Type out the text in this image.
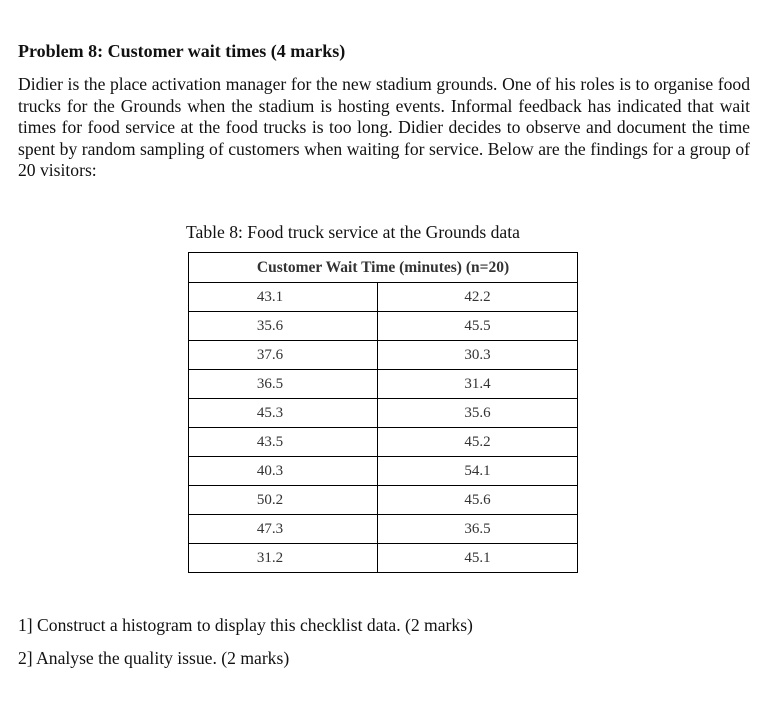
Problem 8: Customer wait times (4 marks)

Didier is the place activation manager for the new stadium grounds. One of his roles is to organise food trucks for the Grounds when the stadium is hosting events. Informal feedback has indicated that wait times for food service at the food trucks is too long. Didier decides to observe and document the time spent by random sampling of customers when waiting for service. Below are the findings for a group of 20 visitors:

Table 8: Food truck service at the Grounds data

Customer Wait Time (minutes) (n=20)	
43.1	42.2
35.6	45.5
37.6	30.3
36.5	31.4
45.3	35.6
43.5	45.2
40.3	54.1
50.2	45.6
47.3	36.5
31.2	45.1

1] Construct a histogram to display this checklist data. (2 marks)

2] Analyse the quality issue. (2 marks)
